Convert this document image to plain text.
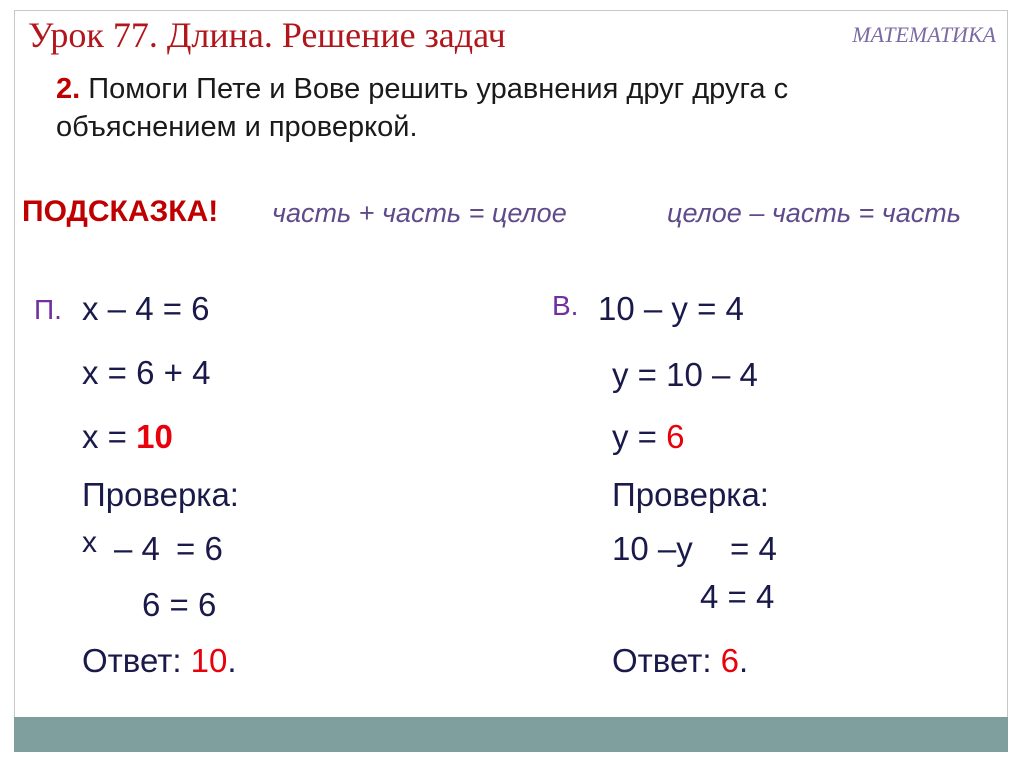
Урок 77. Длина. Решение задач	МАТЕМАТИКА
2. Помоги Пете и Вове решить уравнения друг друга с
объяснением и проверкой.
ПОДСКАЗКА! часть + часть = целое	целое – часть = часть
П. х – 4 = 6
х = 6 + 4
х = 10
Проверка:
х – 4 = 6
6 = 6
Ответ: 10.
В. 10 – у = 4
у = 10 – 4
у = 6
Проверка:
10 –у = 4
4 = 4
Ответ: 6.
